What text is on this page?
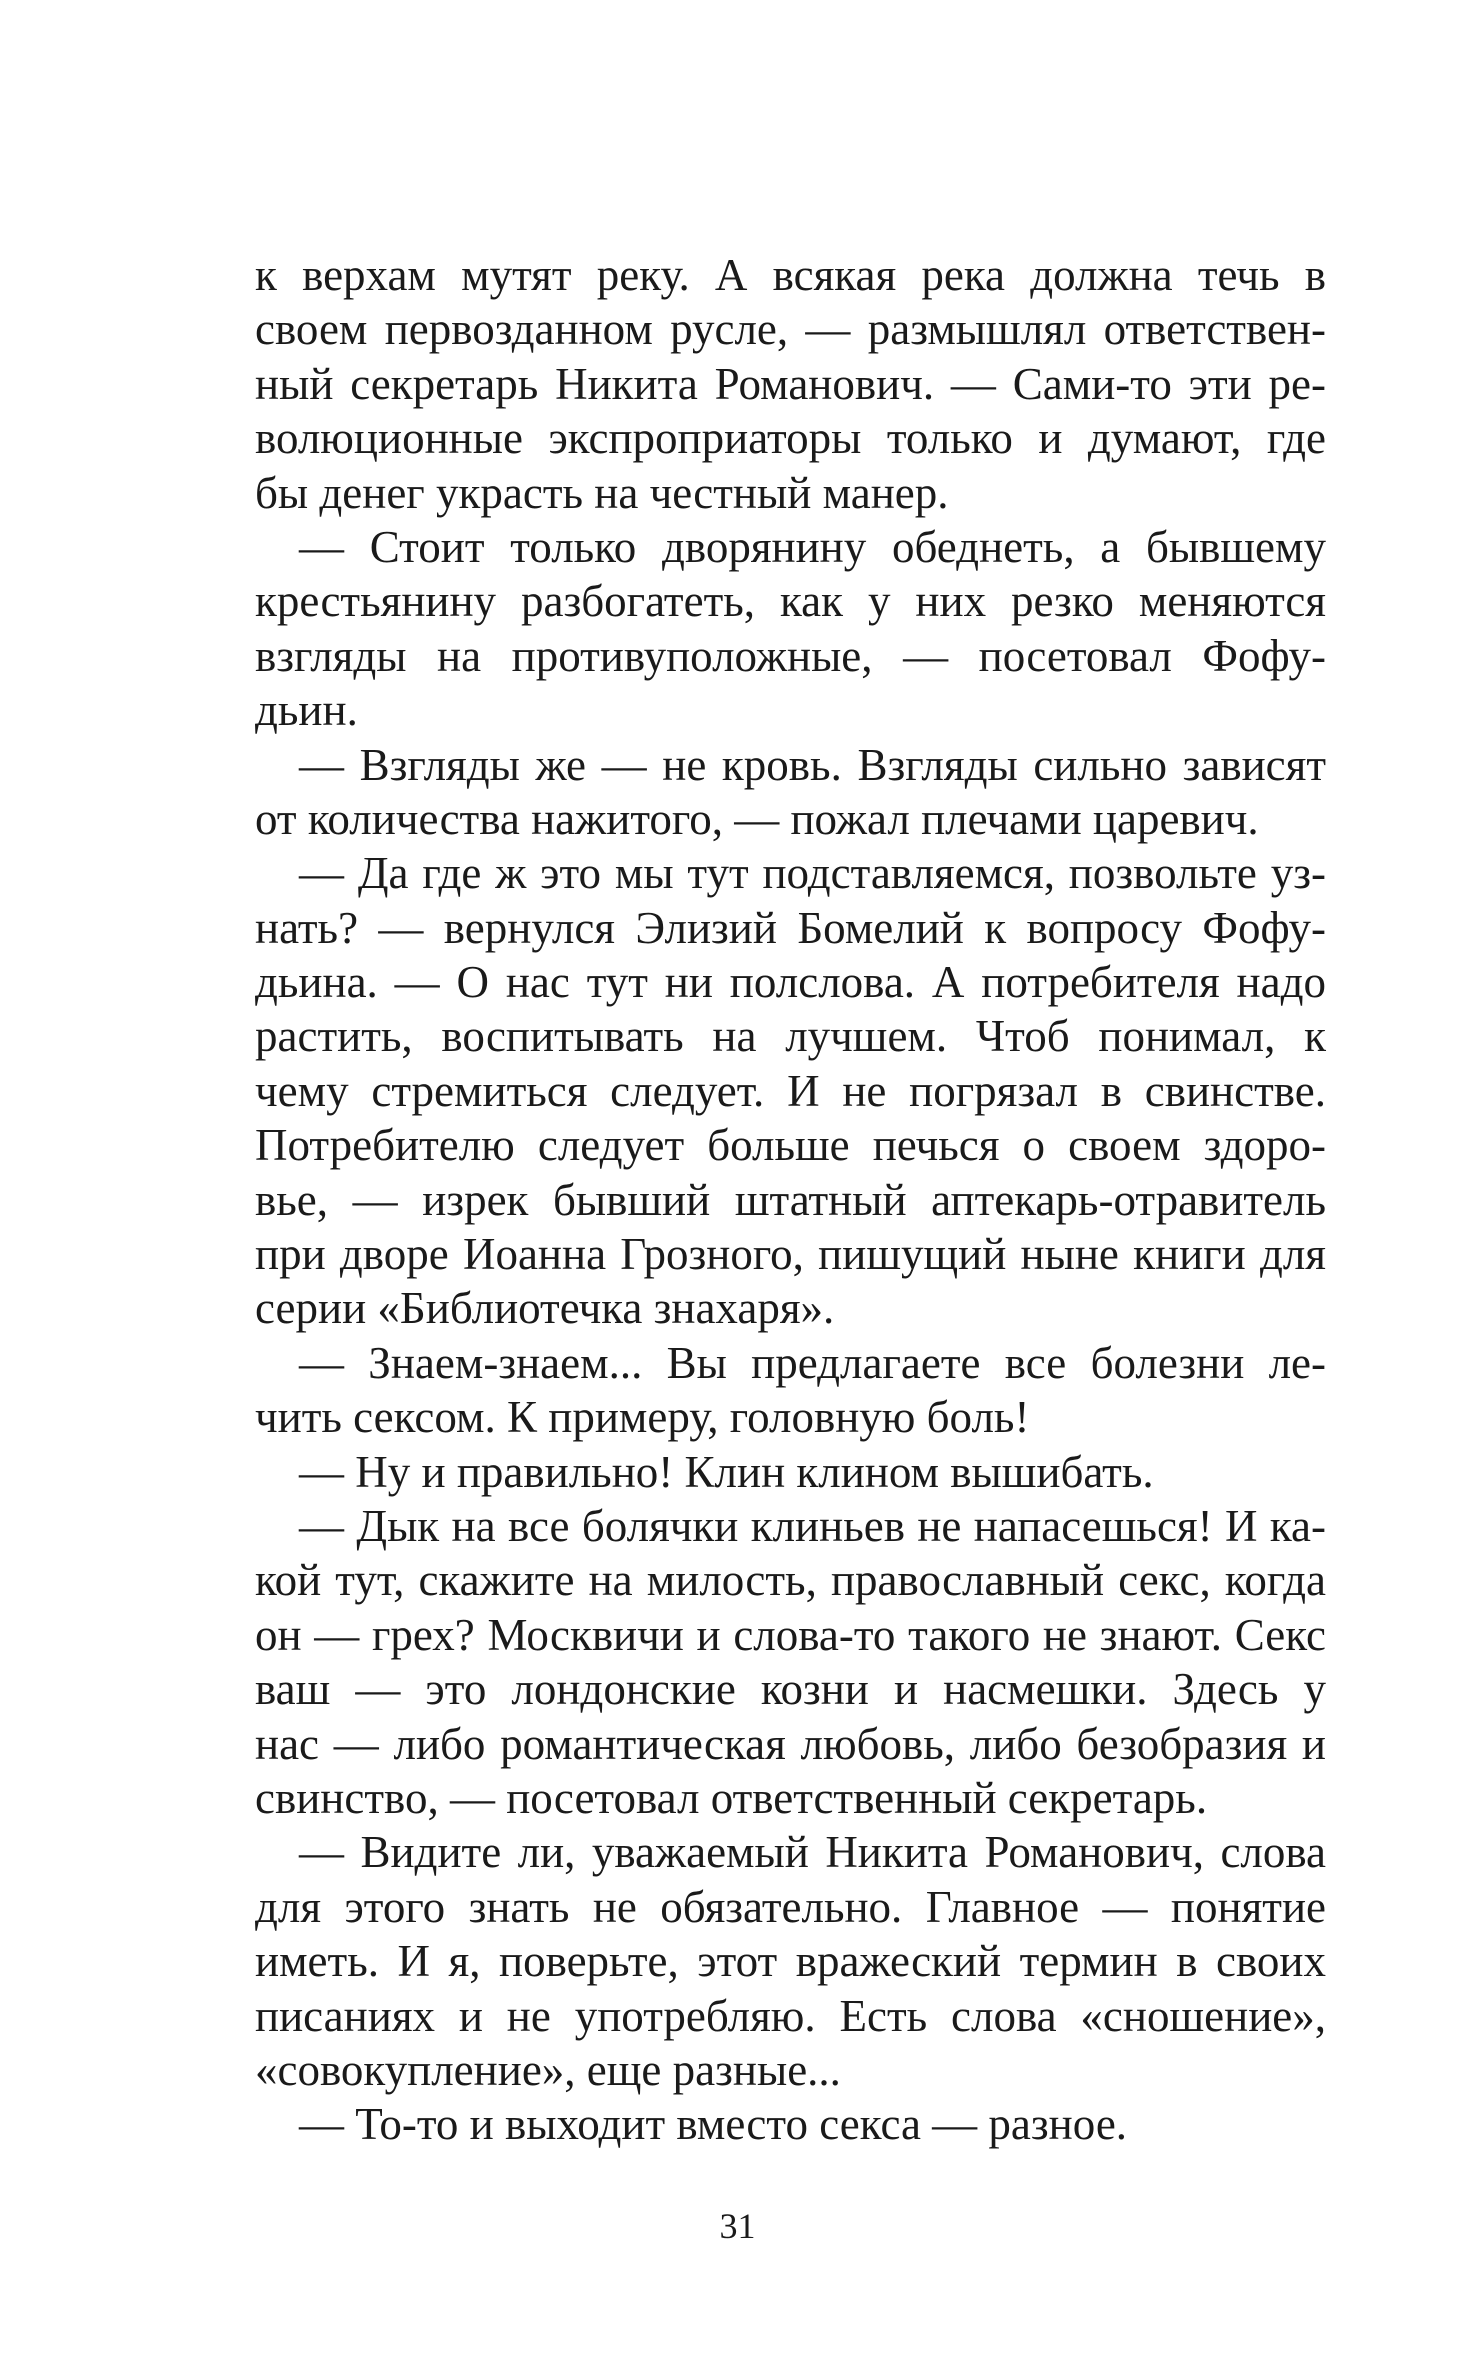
к верхам мутят реку. А всякая река должна течь в
своем первозданном русле, — размышлял ответствен-
ный секретарь Никита Романович. — Сами-то эти ре-
волюционные экспроприаторы только и думают, где
бы денег украсть на честный манер.
— Стоит только дворянину обеднеть, а бывшему
крестьянину разбогатеть, как у них резко меняются
взгляды на противуположные, — посетовал Фофу-
дьин.
— Взгляды же — не кровь. Взгляды сильно зависят
от количества нажитого, — пожал плечами царевич.
— Да где ж это мы тут подставляемся, позвольте уз-
нать? — вернулся Элизий Бомелий к вопросу Фофу-
дьина. — О нас тут ни полслова. А потребителя надо
растить, воспитывать на лучшем. Чтоб понимал, к
чему стремиться следует. И не погрязал в свинстве.
Потребителю следует больше печься о своем здоро-
вье, — изрек бывший штатный аптекарь-отравитель
при дворе Иоанна Грозного, пишущий ныне книги для
серии «Библиотечка знахаря».
— Знаем-знаем... Вы предлагаете все болезни ле-
чить сексом. К примеру, головную боль!
— Ну и правильно! Клин клином вышибать.
— Дык на все болячки клиньев не напасешься! И ка-
кой тут, скажите на милость, православный секс, когда
он — грех? Москвичи и слова-то такого не знают. Секс
ваш — это лондонские козни и насмешки. Здесь у
нас — либо романтическая любовь, либо безобразия и
свинство, — посетовал ответственный секретарь.
— Видите ли, уважаемый Никита Романович, слова
для этого знать не обязательно. Главное — понятие
иметь. И я, поверьте, этот вражеский термин в своих
писаниях и не употребляю. Есть слова «сношение»,
«совокупление», еще разные...
— То-то и выходит вместо секса — разное.
31
